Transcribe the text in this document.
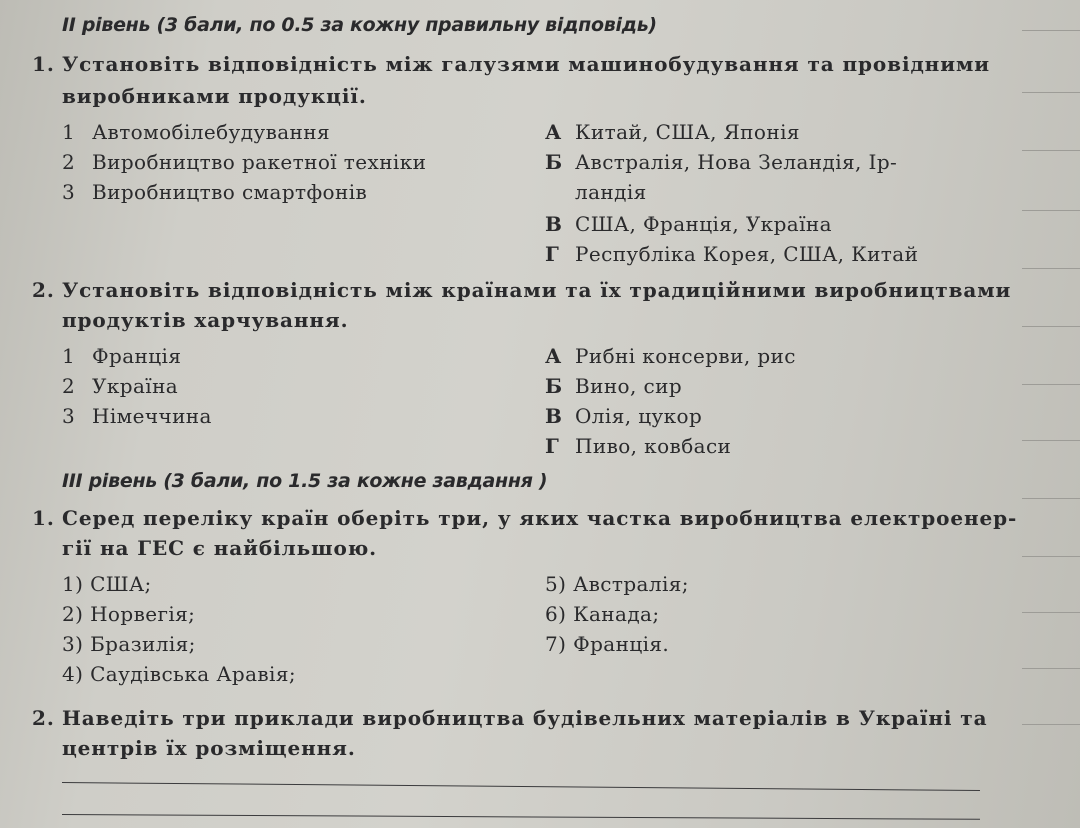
ІІ рівень (3 бали, по 0.5 за кожну правильну відповідь)
1. Установіть відповідність між галузями машинобудування та провідними
виробниками продукції.
1 Автомобілебудування
2 Виробництво ракетної техніки
3 Виробництво смартфонів
А Китай, США, Японія
Б Австралія, Нова Зеландія, Ір-
ландія
В США, Франція, Україна
Г Республіка Корея, США, Китай
2. Установіть відповідність між країнами та їх традиційними виробництвами
продуктів харчування.
1 Франція
2 Україна
3 Німеччина
А Рибні консерви, рис
Б Вино, сир
В Олія, цукор
Г Пиво, ковбаси
ІІІ рівень (3 бали, по 1.5 за кожне завдання )
1. Серед переліку країн оберіть три, у яких частка виробництва електроенер-
гії на ГЕС є найбільшою.
1) США;
2) Норвегія;
3) Бразилія;
4) Саудівська Аравія;
5) Австралія;
6) Канада;
7) Франція.
2. Наведіть три приклади виробництва будівельних матеріалів в Україні та
центрів їх розміщення.
